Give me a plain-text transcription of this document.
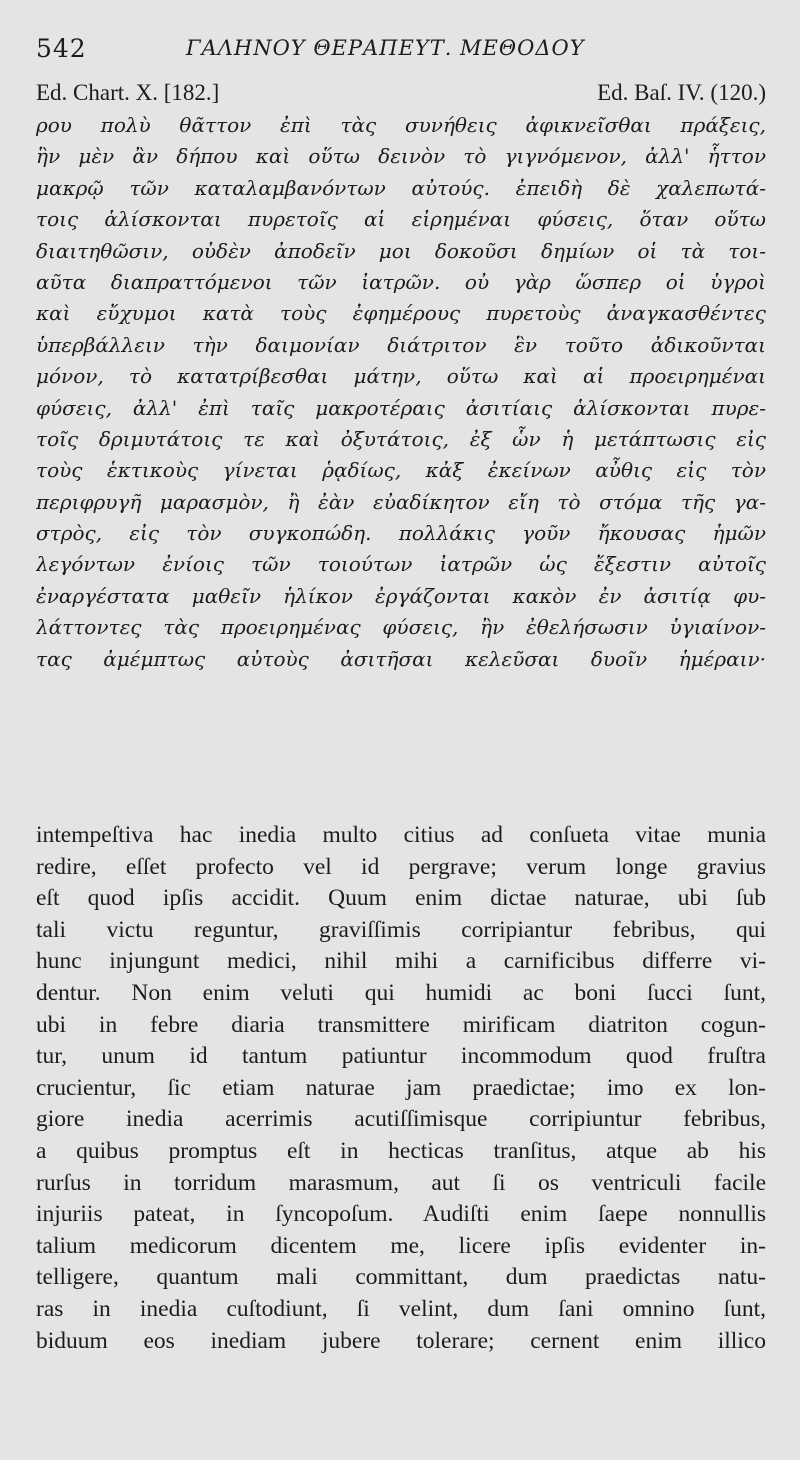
542	ΓΑΛΗΝΟΥ ΘΕΡΑΠΕΥΤ. ΜΕΘΟΔΟΥ
Ed. Chart. X. [182.]	Ed. Baſ. IV. (120.)
ρου πολὺ θᾶττον ἐπὶ τὰς συνήθεις ἀφικνεῖσθαι πράξεις,
ἣν μὲν ἂν δήπου καὶ οὕτω δεινὸν τὸ γιγνόμενον, ἀλλ' ἧττον
μακρῷ τῶν καταλαμβανόντων αὐτούς. ἐπειδὴ δὲ χαλεπωτά-
τοις ἁλίσκονται πυρετοῖς αἱ εἰρημέναι φύσεις, ὅταν οὕτω
διαιτηθῶσιν, οὐδὲν ἀποδεῖν μοι δοκοῦσι δημίων οἱ τὰ τοι-
αῦτα διαπραττόμενοι τῶν ἰατρῶν. οὐ γὰρ ὥσπερ οἱ ὑγροὶ
καὶ εὔχυμοι κατὰ τοὺς ἐφημέρους πυρετοὺς ἀναγκασθέντες
ὑπερβάλλειν τὴν δαιμονίαν διάτριτον ἓν τοῦτο ἀδικοῦνται
μόνον, τὸ κατατρίβεσθαι μάτην, οὕτω καὶ αἱ προειρημέναι
φύσεις, ἀλλ' ἐπὶ ταῖς μακροτέραις ἀσιτίαις ἁλίσκονται πυρε-
τοῖς δριμυτάτοις τε καὶ ὀξυτάτοις, ἐξ ὧν ἡ μετάπτωσις εἰς
τοὺς ἑκτικοὺς γίνεται ῥᾳδίως, κἀξ ἐκείνων αὖθις εἰς τὸν
περιφρυγῆ μαρασμὸν, ἢ ἐὰν εὐαδίκητον εἴη τὸ στόμα τῆς γα-
στρὸς, εἰς τὸν συγκοπώδη. πολλάκις γοῦν ἤκουσας ἡμῶν
λεγόντων ἐνίοις τῶν τοιούτων ἰατρῶν ὡς ἔξεστιν αὐτοῖς
ἐναργέστατα μαθεῖν ἡλίκον ἐργάζονται κακὸν ἐν ἀσιτίᾳ φυ-
λάττοντες τὰς προειρημένας φύσεις, ἢν ἐθελήσωσιν ὑγιαίνον-
τας ἀμέμπτως αὐτοὺς ἀσιτῆσαι κελεῦσαι δυοῖν ἡμέραιν·
intempeſtiva hac inedia multo citius ad conſueta vitae munia
redire, eſſet profecto vel id pergrave; verum longe gravius
eſt quod ipſis accidit. Quum enim dictae naturae, ubi ſub
tali victu reguntur, graviſſimis corripiantur febribus, qui
hunc injungunt medici, nihil mihi a carnificibus differre vi-
dentur. Non enim veluti qui humidi ac boni ſucci ſunt,
ubi in febre diaria transmittere mirificam diatriton cogun-
tur, unum id tantum patiuntur incommodum quod fruſtra
crucientur, ſic etiam naturae jam praedictae; imo ex lon-
giore inedia acerrimis acutiſſimisque corripiuntur febribus,
a quibus promptus eſt in hecticas tranſitus, atque ab his
rurſus in torridum marasmum, aut ſi os ventriculi facile
injuriis pateat, in ſyncopoſum. Audiſti enim ſaepe nonnullis
talium medicorum dicentem me, licere ipſis evidenter in-
telligere, quantum mali committant, dum praedictas natu-
ras in inedia cuſtodiunt, ſi velint, dum ſani omnino ſunt,
biduum eos inediam jubere tolerare; cernent enim illico
